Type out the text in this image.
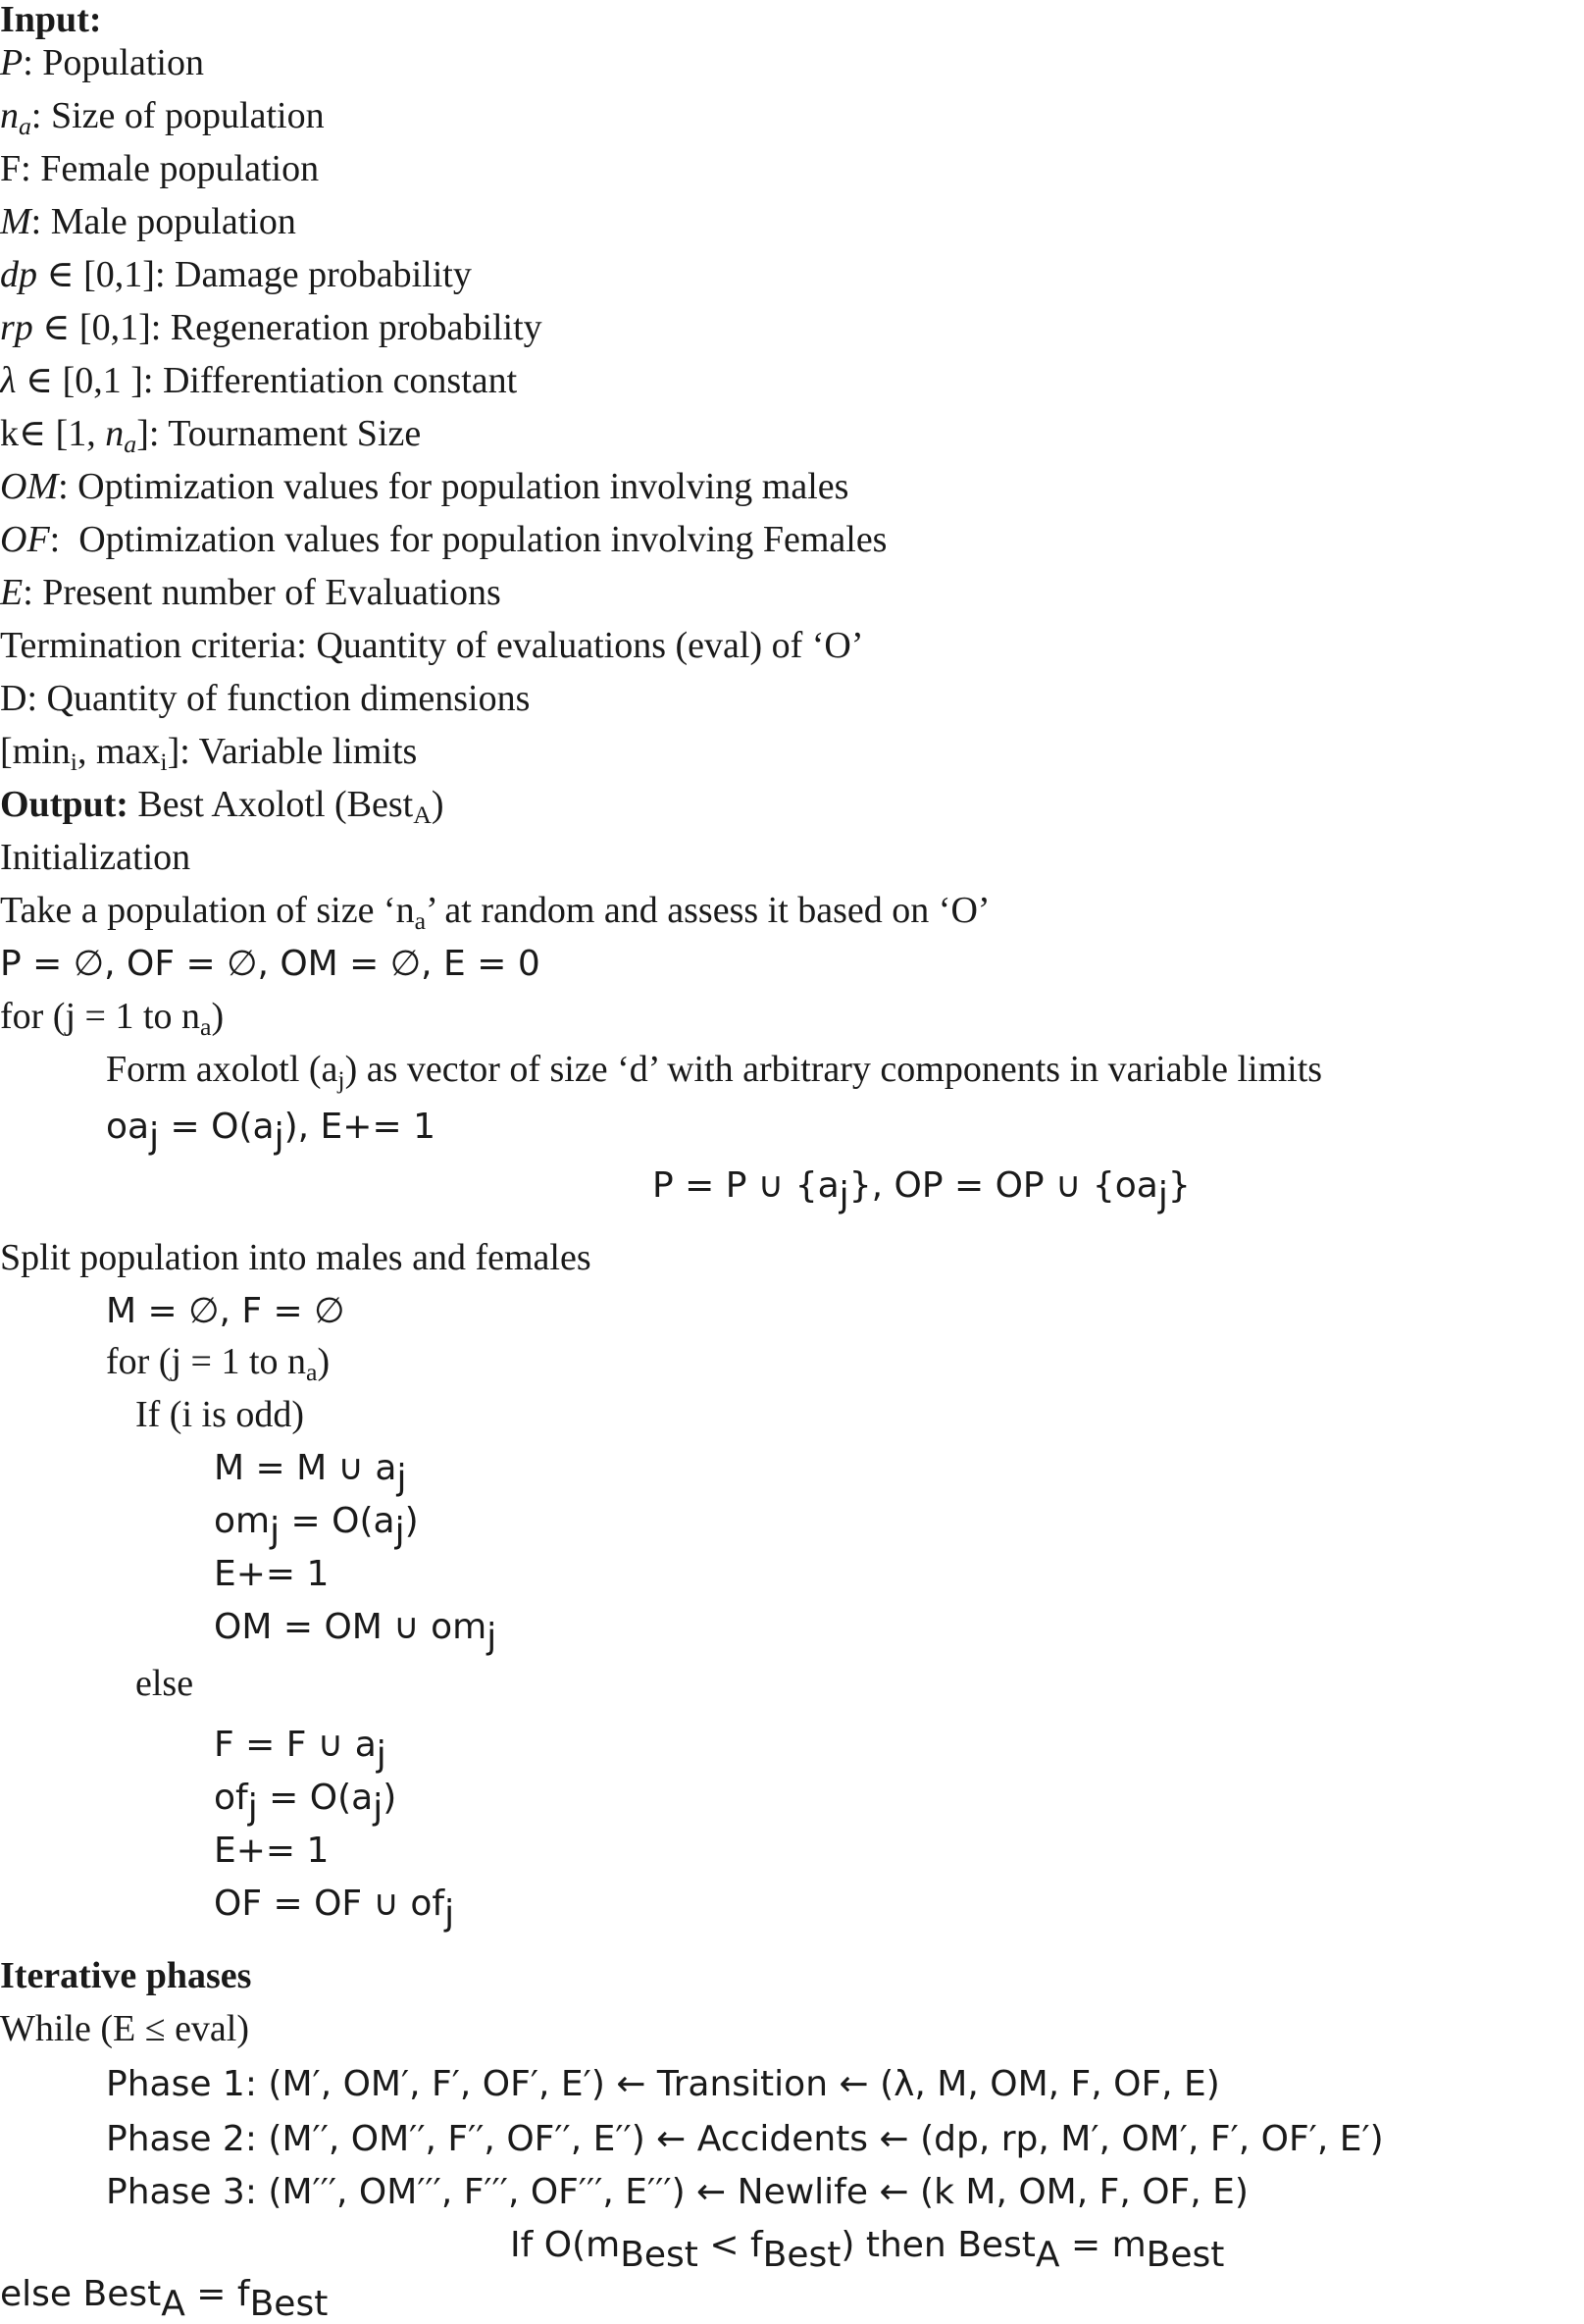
Input:
P: Population
$n_a$: Size of population
F: Female population
M: Male population
dp ∈ [0,1]: Damage probability
rp ∈ [0,1]: Regeneration probability
λ ∈ [0,1 ]: Differentiation constant
k∈ [1, $n_a$]: Tournament Size
OM: Optimization values for population involving males
OF:  Optimization values for population involving Females
E: Present number of Evaluations
Termination criteria: Quantity of evaluations (eval) of ‘O’
D: Quantity of function dimensions
[$\min_i$, $\max_i$]: Variable limits
Output: Best Axolotl (Best$_A$)
Initialization
Take a population of size ‘$n_a$’ at random and assess it based on ‘O’
P = ∅, OF = ∅, OM = ∅, E = 0
for (j = 1 to $n_a$)
Form axolotl $(a_j)$ as vector of size ‘d’ with arbitrary components in variable limits
$oa_j = O(a_j)$, E+= 1
P = P ∪ $\{a_j\}$, OP = OP ∪ $\{oa_j\}$
Split population into males and females
M = ∅, F = ∅
for (j = 1 to $n_a$)
If (i is odd)
M = M ∪ $a_j$
$om_j = O(a_j)$
E+= 1
OM = OM ∪ $om_j$
else
F = F ∪ $a_j$
$of_j = O(a_j)$
E+= 1
OF = OF ∪ $of_j$
Iterative phases
While (E ≤ eval)
Phase 1: (M′, OM′, F′, OF′, E′) ← Transition ← (λ, M, OM, F, OF, E)
Phase 2: (M′′, OM′′, F′′, OF′′, E′′) ← Accidents ← (dp, rp, M′, OM′, F′, OF′, E′)
Phase 3: (M′′′, OM′′′, F′′′, OF′′′, E′′′) ← Newlife ← (k M, OM, F, OF, E)
If $O(m_{Best} < f_{Best})$ then Best$_A$ = $m_{Best}$
else Best$_A$ = $f_{Best}$
